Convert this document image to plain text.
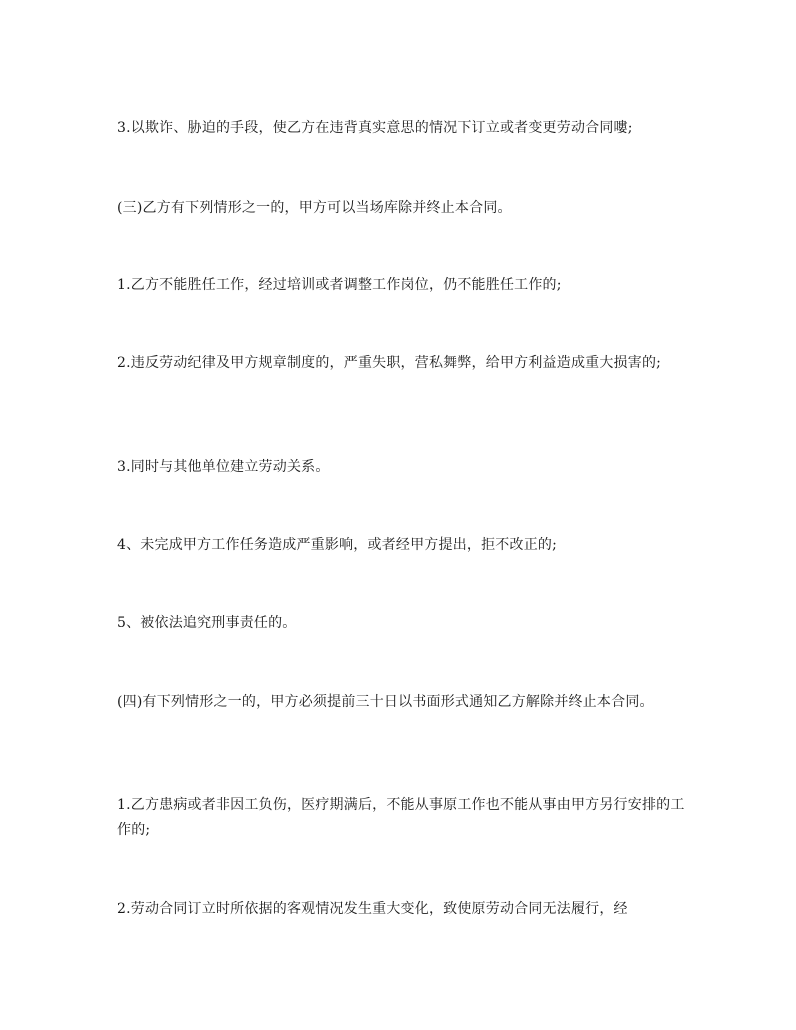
3.以欺诈、胁迫的手段，使乙方在违背真实意思的情况下订立或者变更劳动合同嘍;

(三)乙方有下列情形之一的，甲方可以当场库除并终止本合同。

1.乙方不能胜任工作，经过培训或者调整工作岗位，仍不能胜任工作的;

2.违反劳动纪律及甲方规章制度的，严重失职，营私舞弊，给甲方利益造成重大损害的;

3.同时与其他单位建立劳动关系。

4、未完成甲方工作任务造成严重影响，或者经甲方提出，拒不改正的;

5、被依法追究刑事责任的。

(四)有下列情形之一的，甲方必须提前三十日以书面形式通知乙方解除并终止本合同。

1.乙方患病或者非因工负伤，医疗期满后，不能从事原工作也不能从事由甲方另行安排的工作的;

2.劳动合同订立时所依据的客观情况发生重大变化，致使原劳动合同无法履行，经
